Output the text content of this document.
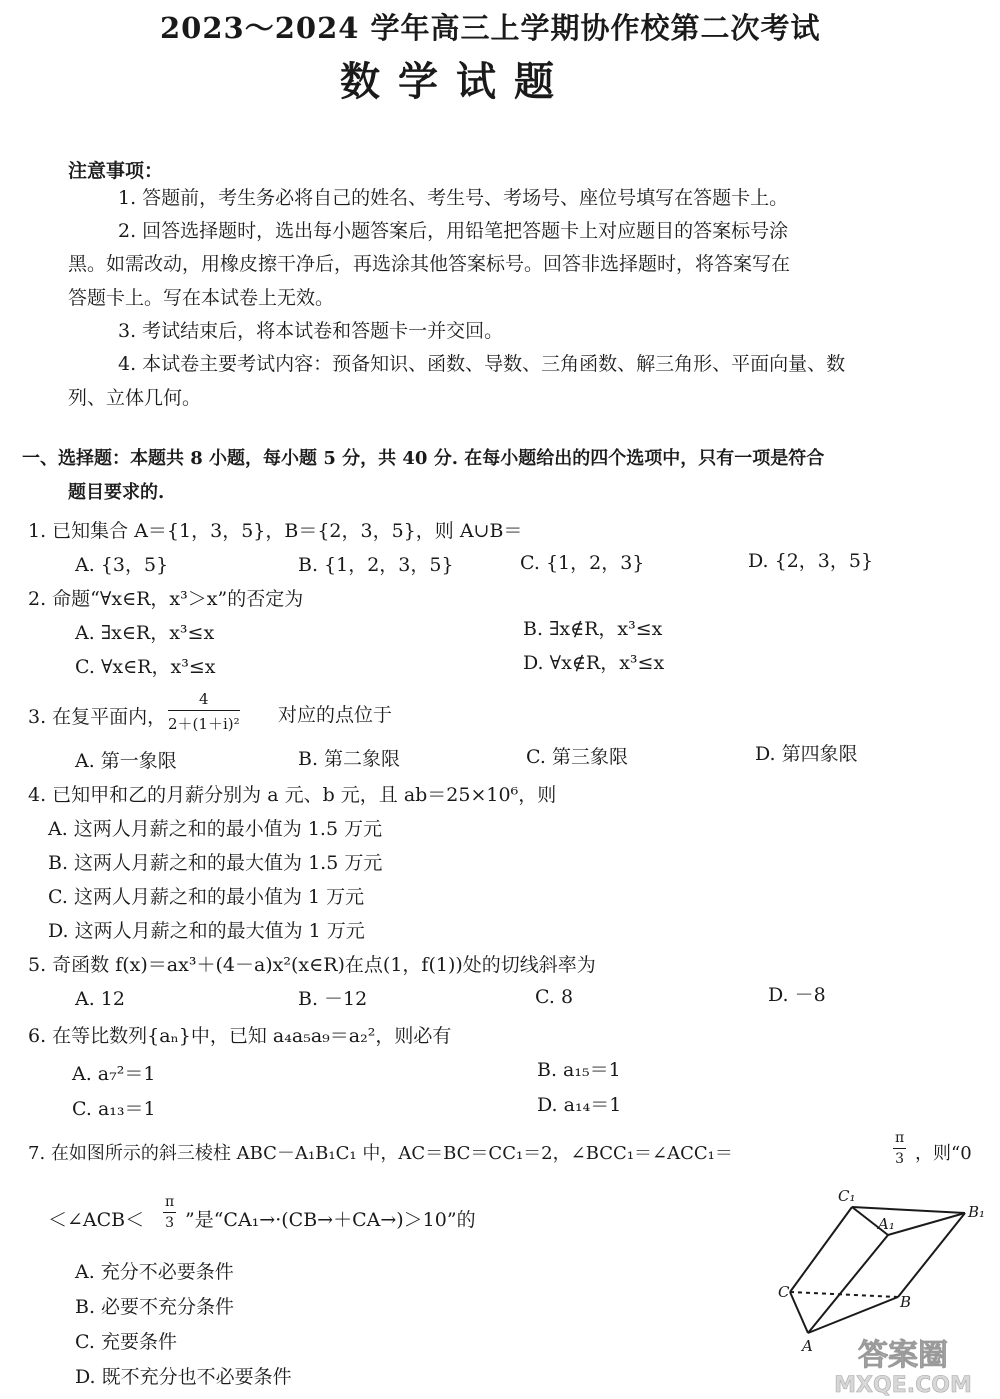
2023～2024 学年高三上学期协作校第二次考试
数学试题
注意事项：
1. 答题前，考生务必将自己的姓名、考生号、考场号、座位号填写在答题卡上。
2. 回答选择题时，选出每小题答案后，用铅笔把答题卡上对应题目的答案标号涂
黑。如需改动，用橡皮擦干净后，再选涂其他答案标号。回答非选择题时，将答案写在
答题卡上。写在本试卷上无效。
3. 考试结束后，将本试卷和答题卡一并交回。
4. 本试卷主要考试内容：预备知识、函数、导数、三角函数、解三角形、平面向量、数
列、立体几何。
一、选择题：本题共 8 小题，每小题 5 分，共 40 分. 在每小题给出的四个选项中，只有一项是符合
题目要求的.
1. 已知集合 A＝{1，3，5}，B＝{2，3，5}，则 A∪B＝
A. {3，5}	B. {1，2，3，5}	C. {1，2，3}	D. {2，3，5}
2. 命题“∀x∈R，x³＞x”的否定为
A. ∃x∈R，x³≤x	B. ∃x∉R，x³≤x
C. ∀x∈R，x³≤x	D. ∀x∉R，x³≤x
3. 在复平面内， $\frac{4}{\text{2＋(1＋i)²}}$ 对应的点位于
A. 第一象限	B. 第二象限	C. 第三象限	D. 第四象限
4. 已知甲和乙的月薪分别为 a 元、b 元，且 ab＝25×10⁶，则
A. 这两人月薪之和的最小值为 1.5 万元
B. 这两人月薪之和的最大值为 1.5 万元
C. 这两人月薪之和的最小值为 1 万元
D. 这两人月薪之和的最大值为 1 万元
5. 奇函数 f(x)＝ax³＋(4－a)x²(x∈R)在点(1，f(1))处的切线斜率为
A. 12	B. －12	C. 8	D. －8
6. 在等比数列{aₙ}中，已知 a₄a₅a₉＝a₂²，则必有
A. a₇²＝1	B. a₁₅＝1
C. a₁₃＝1	D. a₁₄＝1
7. 在如图所示的斜三棱柱 ABC－A₁B₁C₁ 中，AC＝BC＝CC₁＝2，∠BCC₁＝∠ACC₁＝	$\frac{\pi}{3}$ ，则“0
＜∠ACB＜ $\frac{\pi}{3}$ ”是“CA₁→·(CB→＋CA→)＞10”的
A. 充分不必要条件
B. 必要不充分条件
C. 充要条件
D. 既不充分也不必要条件
C₁
A₁
B₁
C
B
A 答案圈
MXQE.COM
